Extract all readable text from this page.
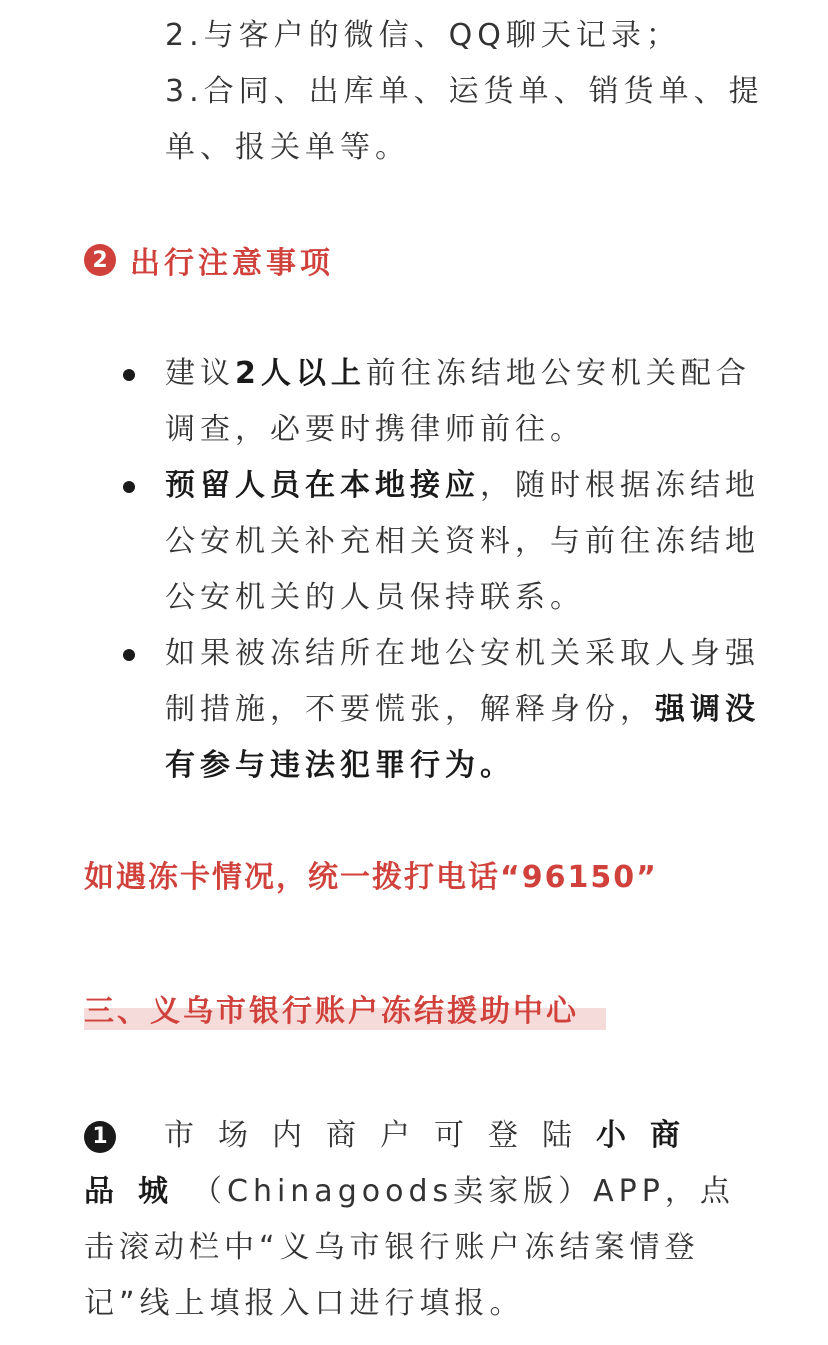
2.与客户的微信、QQ聊天记录；

3.合同、出库单、运货单、销货单、提单、报关单等。

2 出行注意事项
建议2人以上前往冻结地公安机关配合调查，必要时携律师前往。
预留人员在本地接应，随时根据冻结地公安机关补充相关资料，与前往冻结地公安机关的人员保持联系。
如果被冻结所在地公安机关采取人身强制措施，不要慌张，解释身份，强调没有参与违法犯罪行为。
如遇冻卡情况，统一拨打电话“96150”
三、义乌市银行账户冻结援助中心

1 市场内商户可登陆小商品城（Chinagoods卖家版）APP，点击滚动栏中“义乌市银行账户冻结案情登记”线上填报入口进行填报。
